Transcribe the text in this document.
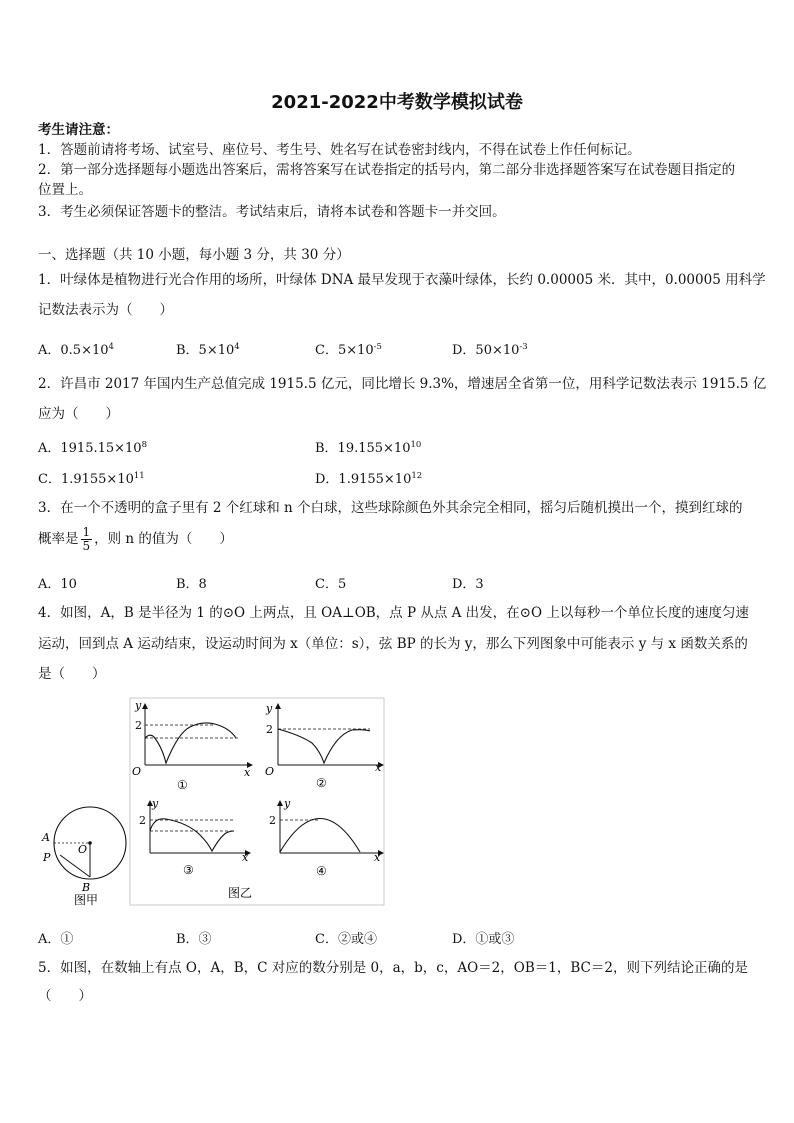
2021-2022中考数学模拟试卷
考生请注意：
1．答题前请将考场、试室号、座位号、考生号、姓名写在试卷密封线内，不得在试卷上作任何标记。
2．第一部分选择题每小题选出答案后，需将答案写在试卷指定的括号内，第二部分非选择题答案写在试卷题目指定的
位置上。
3．考生必须保证答题卡的整洁。考试结束后，请将本试卷和答题卡一并交回。
一、选择题（共 10 小题，每小题 3 分，共 30 分）
1．叶绿体是植物进行光合作用的场所，叶绿体 DNA 最早发现于衣藻叶绿体，长约 0.00005 米．其中，0.00005 用科学
记数法表示为（　　）
A．$0.5\times 10^4$	B．$5\times 10^4$	C．$5\times 10^{-5}$	D．$50\times 10^{-3}$
2．许昌市 2017 年国内生产总值完成 1915.5 亿元，同比增长 9.3%，增速居全省第一位，用科学记数法表示 1915.5 亿
应为（　　）
A．$1915.15\times 10^8$	B．$19.155\times 10^{10}$
C．$1.9155\times 10^{11}$	D．$1.9155\times 10^{12}$
3．在一个不透明的盒子里有 2 个红球和 n 个白球，这些球除颜色外其余完全相同，摇匀后随机摸出一个，摸到红球的
概率是 $\frac{1}{5}$ ，则 n 的值为（　　）
A．10	B．8	C．5	D．3
4．如图，A，B 是半径为 1 的⊙O 上两点，且 OA⊥OB，点 P 从点 A 出发，在⊙O 上以每秒一个单位长度的速度匀速
运动，回到点 A 运动结束，设运动时间为 x（单位：s），弦 BP 的长为 y，那么下列图象中可能表示 y 与 x 函数关系的
是（　　）
y
2
O	x
①
y
2
O	x
②
A
P
O
B
图甲
y
2
x
③
图乙
y
2
x
④
A．①	B．③	C．②或④	D．①或③
5．如图，在数轴上有点 O，A，B，C 对应的数分别是 0，a，b，c，AO＝2，OB＝1，BC＝2，则下列结论正确的是
（　　）
